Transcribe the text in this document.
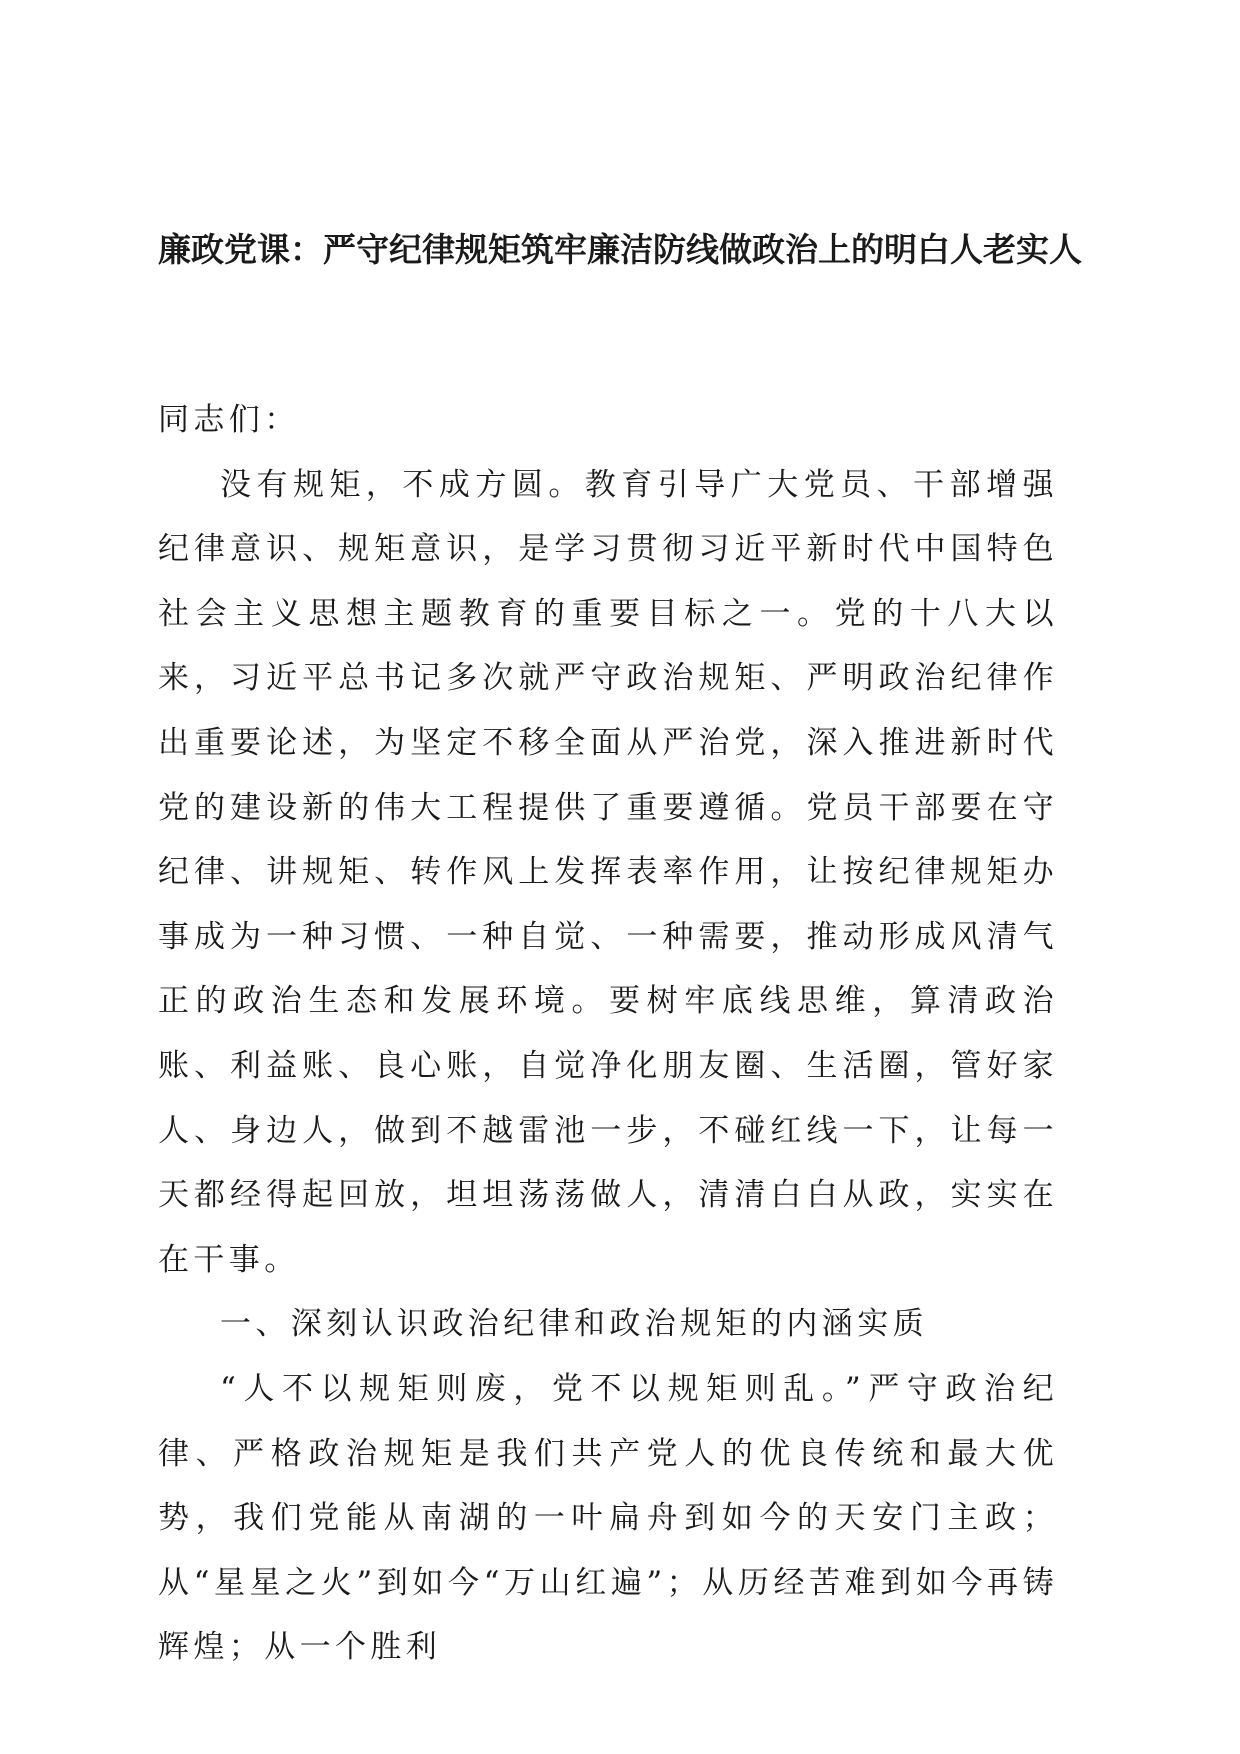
廉政党课：严守纪律规矩筑牢廉洁防线做政治上的明白人老实人

同志们：

没有规矩，不成方圆。教育引导广大党员、干部增强纪律意识、规矩意识，是学习贯彻习近平新时代中国特色社会主义思想主题教育的重要目标之一。党的十八大以来，习近平总书记多次就严守政治规矩、严明政治纪律作出重要论述，为坚定不移全面从严治党，深入推进新时代党的建设新的伟大工程提供了重要遵循。党员干部要在守纪律、讲规矩、转作风上发挥表率作用，让按纪律规矩办事成为一种习惯、一种自觉、一种需要，推动形成风清气正的政治生态和发展环境。要树牢底线思维，算清政治账、利益账、良心账，自觉净化朋友圈、生活圈，管好家人、身边人，做到不越雷池一步，不碰红线一下，让每一天都经得起回放，坦坦荡荡做人，清清白白从政，实实在在干事。

一、深刻认识政治纪律和政治规矩的内涵实质

“人不以规矩则废，党不以规矩则乱。”严守政治纪律、严格政治规矩是我们共产党人的优良传统和最大优势，我们党能从南湖的一叶扁舟到如今的天安门主政；从“星星之火”到如今“万山红遍”；从历经苦难到如今再铸辉煌；从一个胜利
